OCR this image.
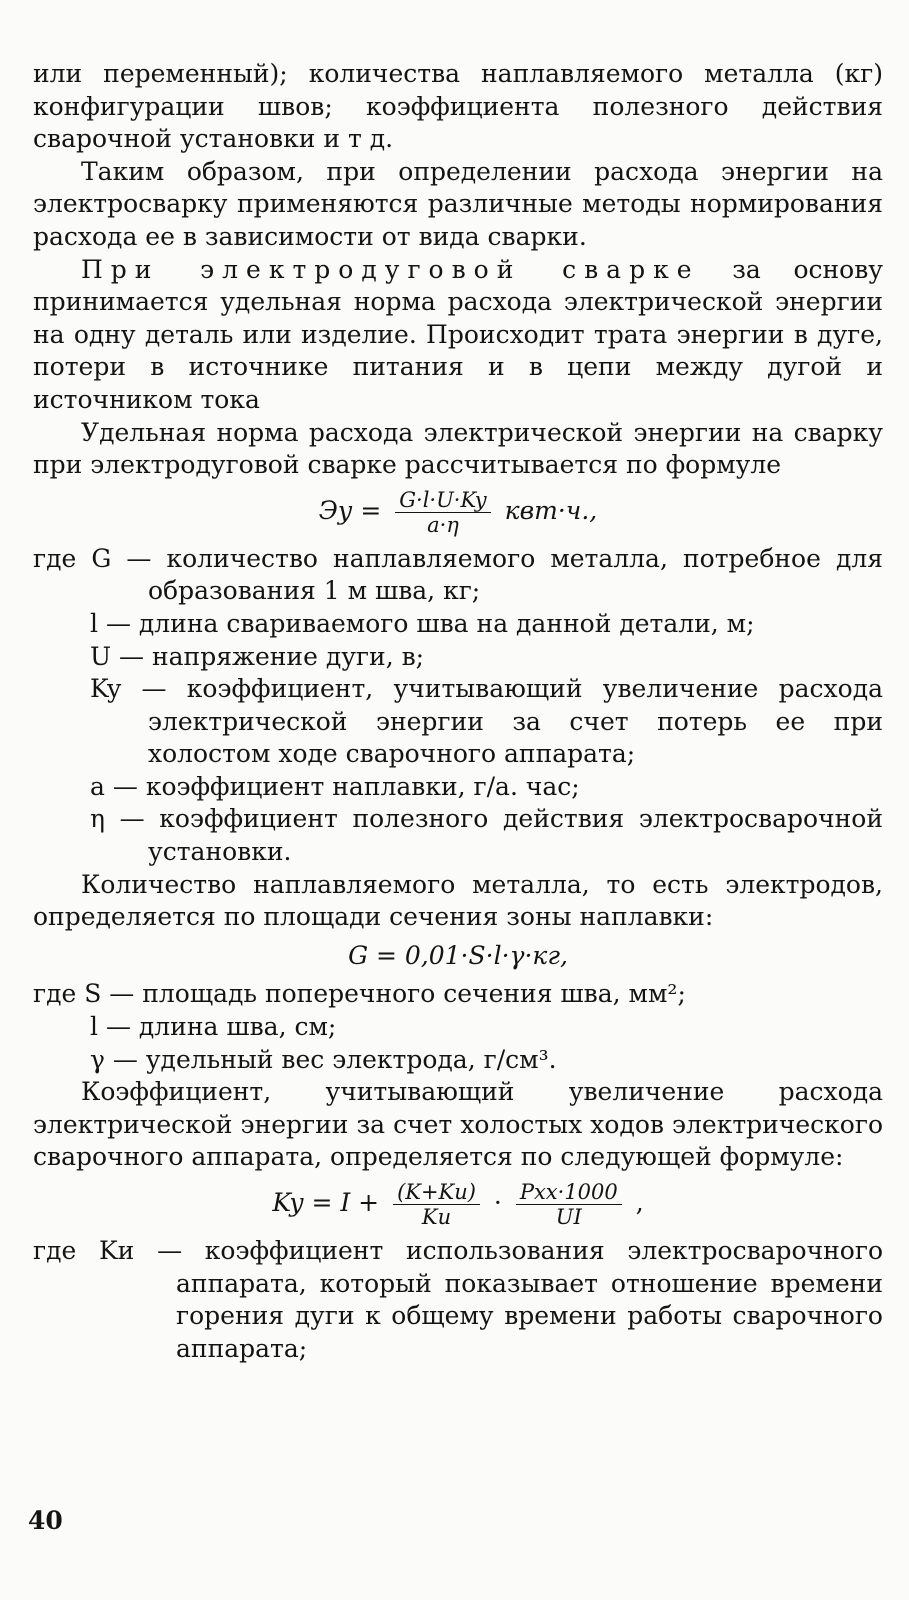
или переменный); количества наплавляемого металла (кг) конфигурации швов; коэффициента полезного действия сварочной установки и т д.

Таким образом, при определении расхода энергии на электросварку применяются различные методы нормирования расхода ее в зависимости от вида сварки.

При электродуговой сварке за основу принимается удельная норма расхода электрической энергии на одну деталь или изделие. Происходит трата энергии в дуге, потери в источнике питания и в цепи между дугой и источником тока

Удельная норма расхода электрической энергии на сварку при электродуговой сварке рассчитывается по формуле

Эу = $\frac{G\cdot l\cdot U\cdot Ky}{a\cdot\eta} квт\cdot ч$.,

где G — количество наплавляемого металла, потребное для образования 1 м шва, кг;

l — длина свариваемого шва на данной детали, м;

U — напряжение дуги, в;

Ky — коэффициент, учитывающий увеличение расхода электрической энергии за счет потерь ее при холостом ходе сварочного аппарата;

a — коэффициент наплавки, г/а. час;

η — коэффициент полезного действия электросварочной установки.

Количество наплавляемого металла, то есть электродов, определяется по площади сечения зоны наплавки:

G = 0,01·S·l·γ·кг,

где S — площадь поперечного сечения шва, мм²;

l — длина шва, см;

γ — удельный вес электрода, г/см³.

Коэффициент, учитывающий увеличение расхода электрической энергии за счет холостых ходов электрического сварочного аппарата, определяется по следующей формуле:

$Ky = I + \frac{(K+Kи)}{Kи} \cdot \frac{\text{Pxx·1000}}{UI}$ ,

где Kи — коэффициент использования электросварочного аппарата, который показывает отношение времени горения дуги к общему времени работы сварочного аппарата;

40
